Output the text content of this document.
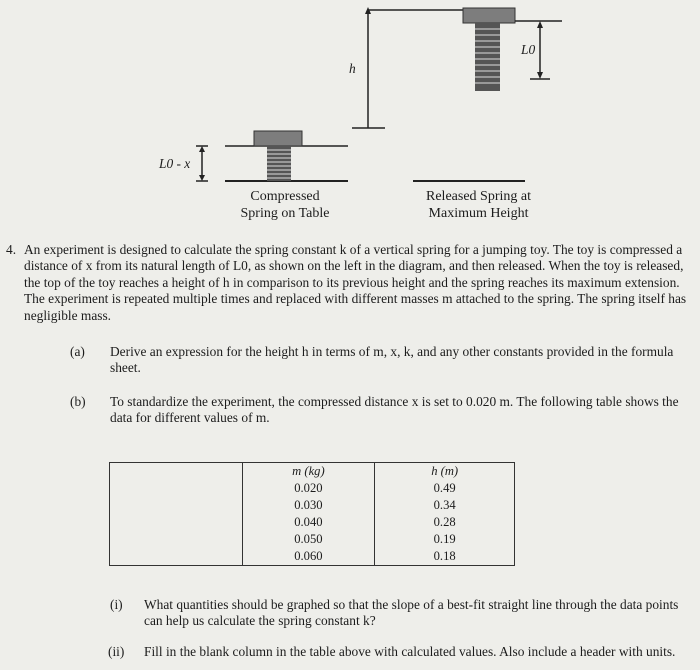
h
L0
L0 - x
Compressed
Spring on Table
Released Spring at
Maximum Height
4. An experiment is designed to calculate the spring constant k of a vertical spring for a jumping toy. The toy is compressed a distance of x from its natural length of L0, as shown on the left in the diagram, and then released. When the toy is released, the top of the toy reaches a height of h in comparison to its previous height and the spring reaches its maximum extension. The experiment is repeated multiple times and replaced with different masses m attached to the spring. The spring itself has negligible mass.
(a) Derive an expression for the height h in terms of m, x, k, and any other constants provided in the formula sheet.
(b) To standardize the experiment, the compressed distance x is set to 0.020 m. The following table shows the data for different values of m.
	m (kg)	h (m)
	0.020	0.49
	0.030	0.34
	0.040	0.28
	0.050	0.19
	0.060	0.18
(i) What quantities should be graphed so that the slope of a best-fit straight line through the data points can help us calculate the spring constant k?
(ii) Fill in the blank column in the table above with calculated values. Also include a header with units.
